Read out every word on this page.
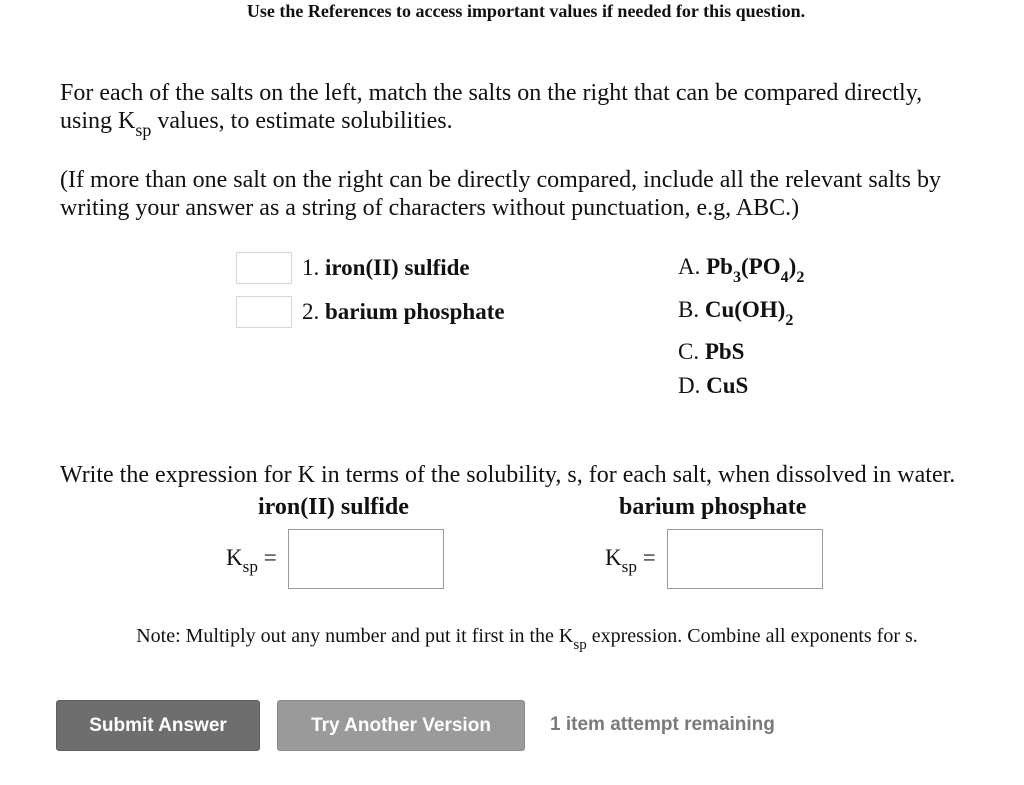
Use the References to access important values if needed for this question.
For each of the salts on the left, match the salts on the right that can be compared directly,
using $K_{sp}$ values, to estimate solubilities.
(If more than one salt on the right can be directly compared, include all the relevant salts by
writing your answer as a string of characters without punctuation, e.g, ABC.)
1. iron(II) sulfide
2. barium phosphate
A. $Pb_3(PO_4)_2$
B. $Cu(OH)_2$
C. PbS
D. CuS
Write the expression for K in terms of the solubility, s, for each salt, when dissolved in water.
iron(II) sulfide	barium phosphate
$K_{sp}$ =	$K_{sp}$ =
Note: Multiply out any number and put it first in the $K_{sp}$ expression. Combine all exponents for s.
Submit Answer	Try Another Version	1 item attempt remaining
